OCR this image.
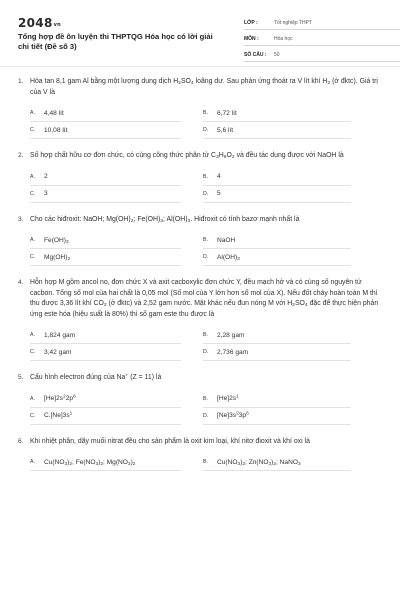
2048vn
Tổng hợp đề ôn luyện thi THPTQG Hóa học có lời giải chi tiết (Đề số 3)
LỚP :	Tốt nghiệp THPT
MÔN :	Hóa học
SỐ CÂU :	50
1. Hòa tan 8,1 gam Al bằng một lượng dung dịch $H_2SO_4$ loãng dư. Sau phản ứng thoát ra V lít khí $H_2$ (ở đktc). Giá trị của V là
A.	4,48 lít	B.	6,72 lít
C.	10,08 lít	D.	5,6 lít
2. Số hợp chất hữu cơ đơn chức, có cùng công thức phân tử $C_3H_6O_2$ và đều tác dụng được với NaOH là
A.	2	B.	4
C.	3	D.	5
3. Cho các hiđroxit: NaOH; $Mg(OH)_2$; $Fe(OH)_3$; $Al(OH)_3$. Hiđroxit có tính bazơ mạnh nhất là
A.	$Fe(OH)_3$	B.	NaOH
C.	$Mg(OH)_2$	D.	$Al(OH)_3$
4. Hỗn hợp M gồm ancol no, đơn chức X và axit cacboxylic đơn chức Y, đều mạch hở và có cùng số nguyên tử cacbon. Tổng số mol của hai chất là 0,05 mol (Số mol của Y lớn hơn số mol của X). Nếu đốt cháy hoàn toàn M thì thu được 3,36 lít khí $CO_2$ (ở đktc) và 2,52 gam nước. Mặt khác nếu đun nóng M với $H_2SO_4$ đặc để thực hiện phản ứng este hóa (hiệu suất là 80%) thì số gam este thu được là
A.	1,824 gam	B.	2,28 gam
C.	3,42 gam	D.	2,736 gam
5. Cấu hình electron đúng của Na+ (Z = 11) là
A.	$[He]2s^22p^6$	B.	$[He]2s^1$
C.	$C.[Ne]3s^1$	D.	$[Ne]3s^23p^6$
6. Khi nhiệt phân, dãy muối nitrat đều cho sản phẩm là oxit kim loại, khí nitơ đioxit và khí oxi là
A.	$Cu(NO_3)_2$; $Fe(NO_3)_2$; $Mg(NO_3)_2$	B.	$Cu(NO_3)_2$; $Zn(NO_3)_2$; NaNO$_3$
